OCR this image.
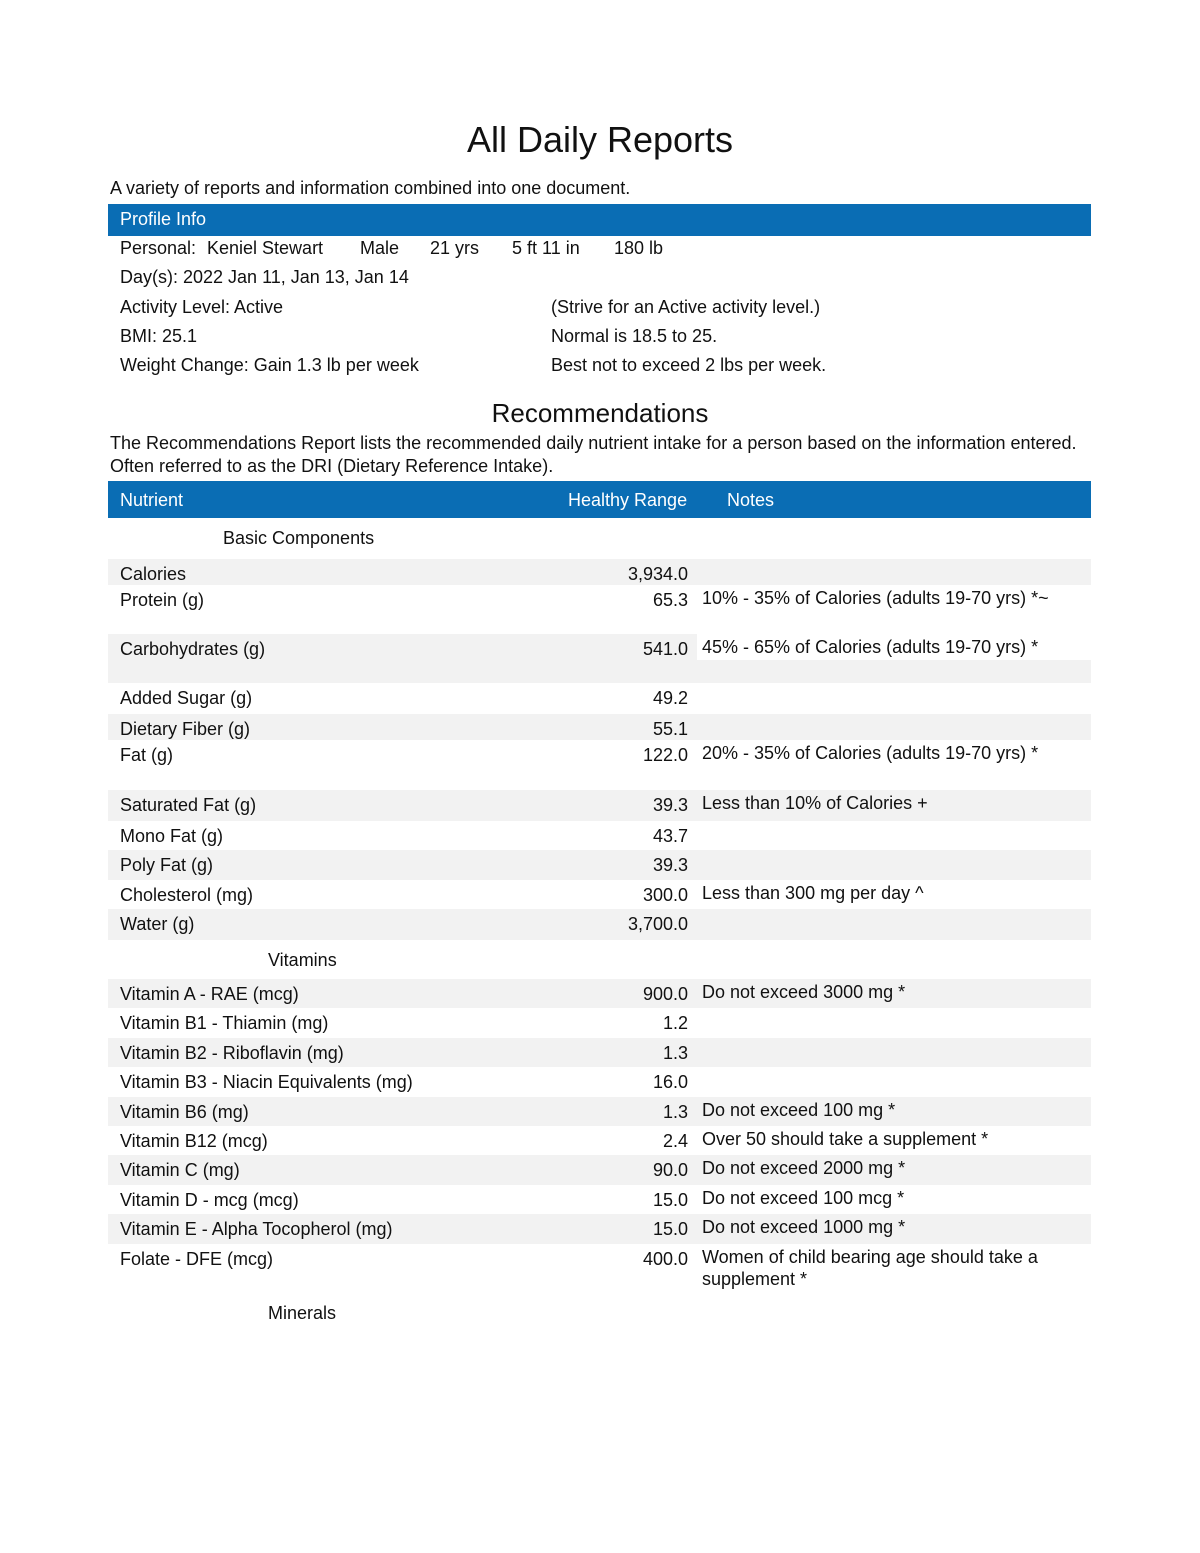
All Daily Reports
A variety of reports and information combined into one document.
Profile Info
Personal: Keniel Stewart Male 21 yrs 5 ft 11 in 180 lb
Day(s): 2022 Jan 11, Jan 13, Jan 14
Activity Level: Active	(Strive for an Active activity level.)
BMI: 25.1	Normal is 18.5 to 25.
Weight Change: Gain 1.3 lb per week	Best not to exceed 2 lbs per week.
Recommendations
The Recommendations Report lists the recommended daily nutrient intake for a person based on the information entered. Often referred to as the DRI (Dietary Reference Intake).
Nutrient	Healthy Range Notes
Basic Components
Vitamins
Minerals
Calories	3,934.0
Protein (g)	65.3 10% - 35% of Calories (adults 19-70 yrs) *~
Carbohydrates (g)	541.0 45% - 65% of Calories (adults 19-70 yrs) *
Added Sugar (g)	49.2
Dietary Fiber (g)	55.1
Fat (g)	122.0 20% - 35% of Calories (adults 19-70 yrs) *
Saturated Fat (g)	39.3 Less than 10% of Calories +
Mono Fat (g)	43.7
Poly Fat (g)	39.3
Cholesterol (mg)	300.0 Less than 300 mg per day ^
Water (g)	3,700.0
Vitamin A - RAE (mcg)	900.0 Do not exceed 3000 mg *
Vitamin B1 - Thiamin (mg)	1.2
Vitamin B2 - Riboflavin (mg)	1.3
Vitamin B3 - Niacin Equivalents (mg)	16.0
Vitamin B6 (mg)	1.3 Do not exceed 100 mg *
Vitamin B12 (mcg)	2.4 Over 50 should take a supplement *
Vitamin C (mg)	90.0 Do not exceed 2000 mg *
Vitamin D - mcg (mcg)	15.0 Do not exceed 100 mcg *
Vitamin E - Alpha Tocopherol (mg)	15.0 Do not exceed 1000 mg *
Folate - DFE (mcg)	400.0 Women of child bearing age should take a supplement *
